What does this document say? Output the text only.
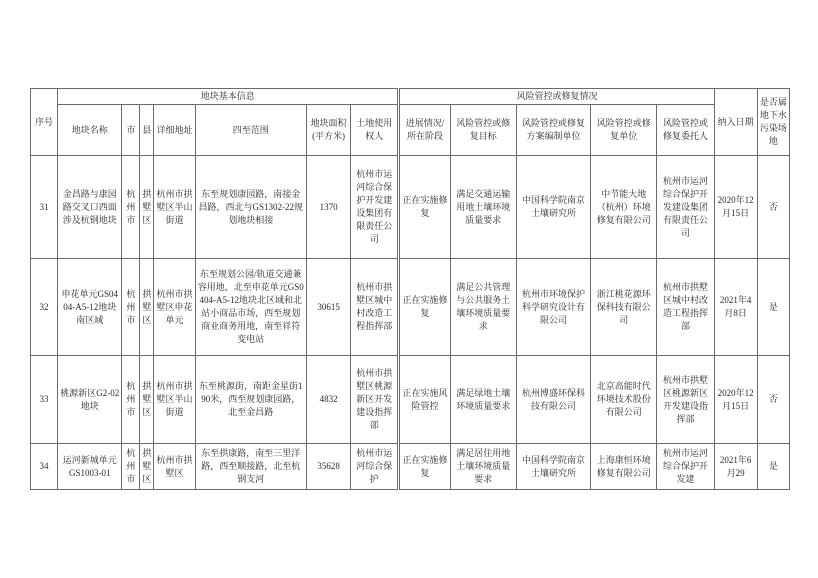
序号	地块基本信息							风险管控或修复情况					纳入日期	是否属地下水污染场地
	地块名称	市	县	详细地址	四至范围	地块面积(平方米)	土地使用权人	进展情况/所在阶段	风险管控或修复目标	风险管控或修复方案编制单位	风险管控或修复单位	风险管控或修复委托人		
31	金昌路与康园路交叉口西面涉及杭钢地块	杭州市	拱墅区	杭州市拱墅区半山街道	东至规划康园路，南接金昌路，西北与GS1302-22规划地块相接	1370	杭州市运河综合保护开发建设集团有限责任公司	正在实施修复	满足交通运输用地土壤环境质量要求	中国科学院南京土壤研究所	中节能大地（杭州）环境修复有限公司	杭州市运河综合保护开发建设集团有限责任公司	2020年12月15日	否
32	申花单元GS0404-A5-12地块南区域	杭州市	拱墅区	杭州市拱墅区申花单元	东至规划公园/轨道交通兼容用地，北至申花单元GS0404-A5-12地块北区域和北站小商品市场，西至规划商业商务用地，南至祥符变电站	30615	杭州市拱墅区城中村改造工程指挥部	正在实施修复	满足公共管理与公共服务土壤环境质量要求	杭州市环境保护科学研究设计有限公司	浙江桃花源环保科技有限公司	杭州市拱墅区城中村改造工程指挥部	2021年4月8日	是
33	桃源新区G2-02地块	杭州市	拱墅区	杭州市拱墅区半山街道	东至桃源街，南距金星街190米，西至规划康园路，北至金昌路	4832	杭州市拱墅区桃源新区开发建设指挥部	正在实施风险管控	满足绿地土壤环境质量要求	杭州博盛环保科技有限公司	北京高能时代环境技术股份有限公司	杭州市拱墅区桃源新区开发建设指挥部	2020年12月15日	否
34	运河新城单元GS1003-01	杭州市	拱墅区	杭州市拱墅区	东至拱康路，南至三里洋路，西至顺接路，北至杭钢支河	35628	杭州市运河综合保护	正在实施修复	满足居住用地土壤环境质量要求	中国科学院南京土壤研究所	上海康恒环境修复有限公司	杭州市运河综合保护开发建	2021年6月29	是
